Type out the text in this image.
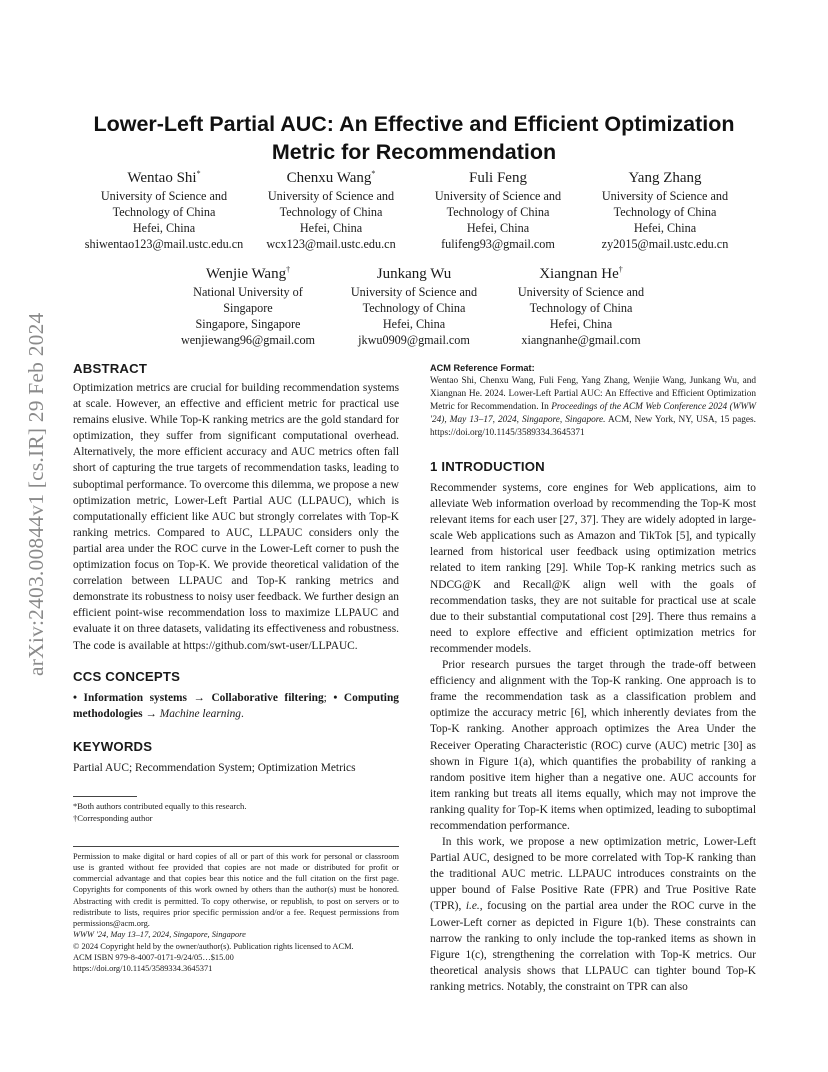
arXiv:2403.00844v1 [cs.IR] 29 Feb 2024
Lower-Left Partial AUC: An Effective and Efficient Optimization Metric for Recommendation
Wentao Shi*
University of Science and
Technology of China
Hefei, China
shiwentao123@mail.ustc.edu.cn
Chenxu Wang*
University of Science and
Technology of China
Hefei, China
wcx123@mail.ustc.edu.cn
Fuli Feng
University of Science and
Technology of China
Hefei, China
fulifeng93@gmail.com
Yang Zhang
University of Science and
Technology of China
Hefei, China
zy2015@mail.ustc.edu.cn
Wenjie Wang†
National University of
Singapore
Singapore, Singapore
wenjiewang96@gmail.com
Junkang Wu
University of Science and
Technology of China
Hefei, China
jkwu0909@gmail.com
Xiangnan He†
University of Science and
Technology of China
Hefei, China
xiangnanhe@gmail.com
ABSTRACT

Optimization metrics are crucial for building recommendation systems at scale. However, an effective and efficient metric for practical use remains elusive. While Top-K ranking metrics are the gold standard for optimization, they suffer from significant computational overhead. Alternatively, the more efficient accuracy and AUC metrics often fall short of capturing the true targets of recommendation tasks, leading to suboptimal performance. To overcome this dilemma, we propose a new optimization metric, Lower-Left Partial AUC (LLPAUC), which is computationally efficient like AUC but strongly correlates with Top-K ranking metrics. Compared to AUC, LLPAUC considers only the partial area under the ROC curve in the Lower-Left corner to push the optimization focus on Top-K. We provide theoretical validation of the correlation between LLPAUC and Top-K ranking metrics and demonstrate its robustness to noisy user feedback. We further design an efficient point-wise recommendation loss to maximize LLPAUC and evaluate it on three datasets, validating its effectiveness and robustness. The code is available at https://github.com/swt-user/LLPAUC.

CCS CONCEPTS

• Information systems → Collaborative filtering; • Computing methodologies → Machine learning.

KEYWORDS

Partial AUC; Recommendation System; Optimization Metrics

*Both authors contributed equally to this research.

†Corresponding author

Permission to make digital or hard copies of all or part of this work for personal or classroom use is granted without fee provided that copies are not made or distributed for profit or commercial advantage and that copies bear this notice and the full citation on the first page. Copyrights for components of this work owned by others than the author(s) must be honored. Abstracting with credit is permitted. To copy otherwise, or republish, to post on servers or to redistribute to lists, requires prior specific permission and/or a fee. Request permissions from permissions@acm.org.

WWW '24, May 13–17, 2024, Singapore, Singapore

© 2024 Copyright held by the owner/author(s). Publication rights licensed to ACM.

ACM ISBN 979-8-4007-0171-9/24/05…$15.00

https://doi.org/10.1145/3589334.3645371

ACM Reference Format:

Wentao Shi, Chenxu Wang, Fuli Feng, Yang Zhang, Wenjie Wang, Junkang Wu, and Xiangnan He. 2024. Lower-Left Partial AUC: An Effective and Efficient Optimization Metric for Recommendation. In Proceedings of the ACM Web Conference 2024 (WWW '24), May 13–17, 2024, Singapore, Singapore. ACM, New York, NY, USA, 15 pages. https://doi.org/10.1145/3589334.3645371

1 INTRODUCTION

Recommender systems, core engines for Web applications, aim to alleviate Web information overload by recommending the Top-K most relevant items for each user [27, 37]. They are widely adopted in large-scale Web applications such as Amazon and TikTok [5], and typically learned from historical user feedback using optimization metrics related to item ranking [29]. While Top-K ranking metrics such as NDCG@K and Recall@K align well with the goals of recommendation tasks, they are not suitable for practical use at scale due to their substantial computational cost [29]. There thus remains a need to explore effective and efficient optimization metrics for recommender models.

Prior research pursues the target through the trade-off between efficiency and alignment with the Top-K ranking. One approach is to frame the recommendation task as a classification problem and optimize the accuracy metric [6], which inherently deviates from the Top-K ranking. Another approach optimizes the Area Under the Receiver Operating Characteristic (ROC) curve (AUC) metric [30] as shown in Figure 1(a), which quantifies the probability of ranking a random positive item higher than a negative one. AUC accounts for item ranking but treats all items equally, which may not improve the ranking quality for Top-K items when optimized, leading to suboptimal recommendation performance.

In this work, we propose a new optimization metric, Lower-Left Partial AUC, designed to be more correlated with Top-K ranking than the traditional AUC metric. LLPAUC introduces constraints on the upper bound of False Positive Rate (FPR) and True Positive Rate (TPR), i.e., focusing on the partial area under the ROC curve in the Lower-Left corner as depicted in Figure 1(b). These constraints can narrow the ranking to only include the top-ranked items as shown in Figure 1(c), strengthening the correlation with Top-K metrics. Our theoretical analysis shows that LLPAUC can tighter bound Top-K ranking metrics. Notably, the constraint on TPR can also
